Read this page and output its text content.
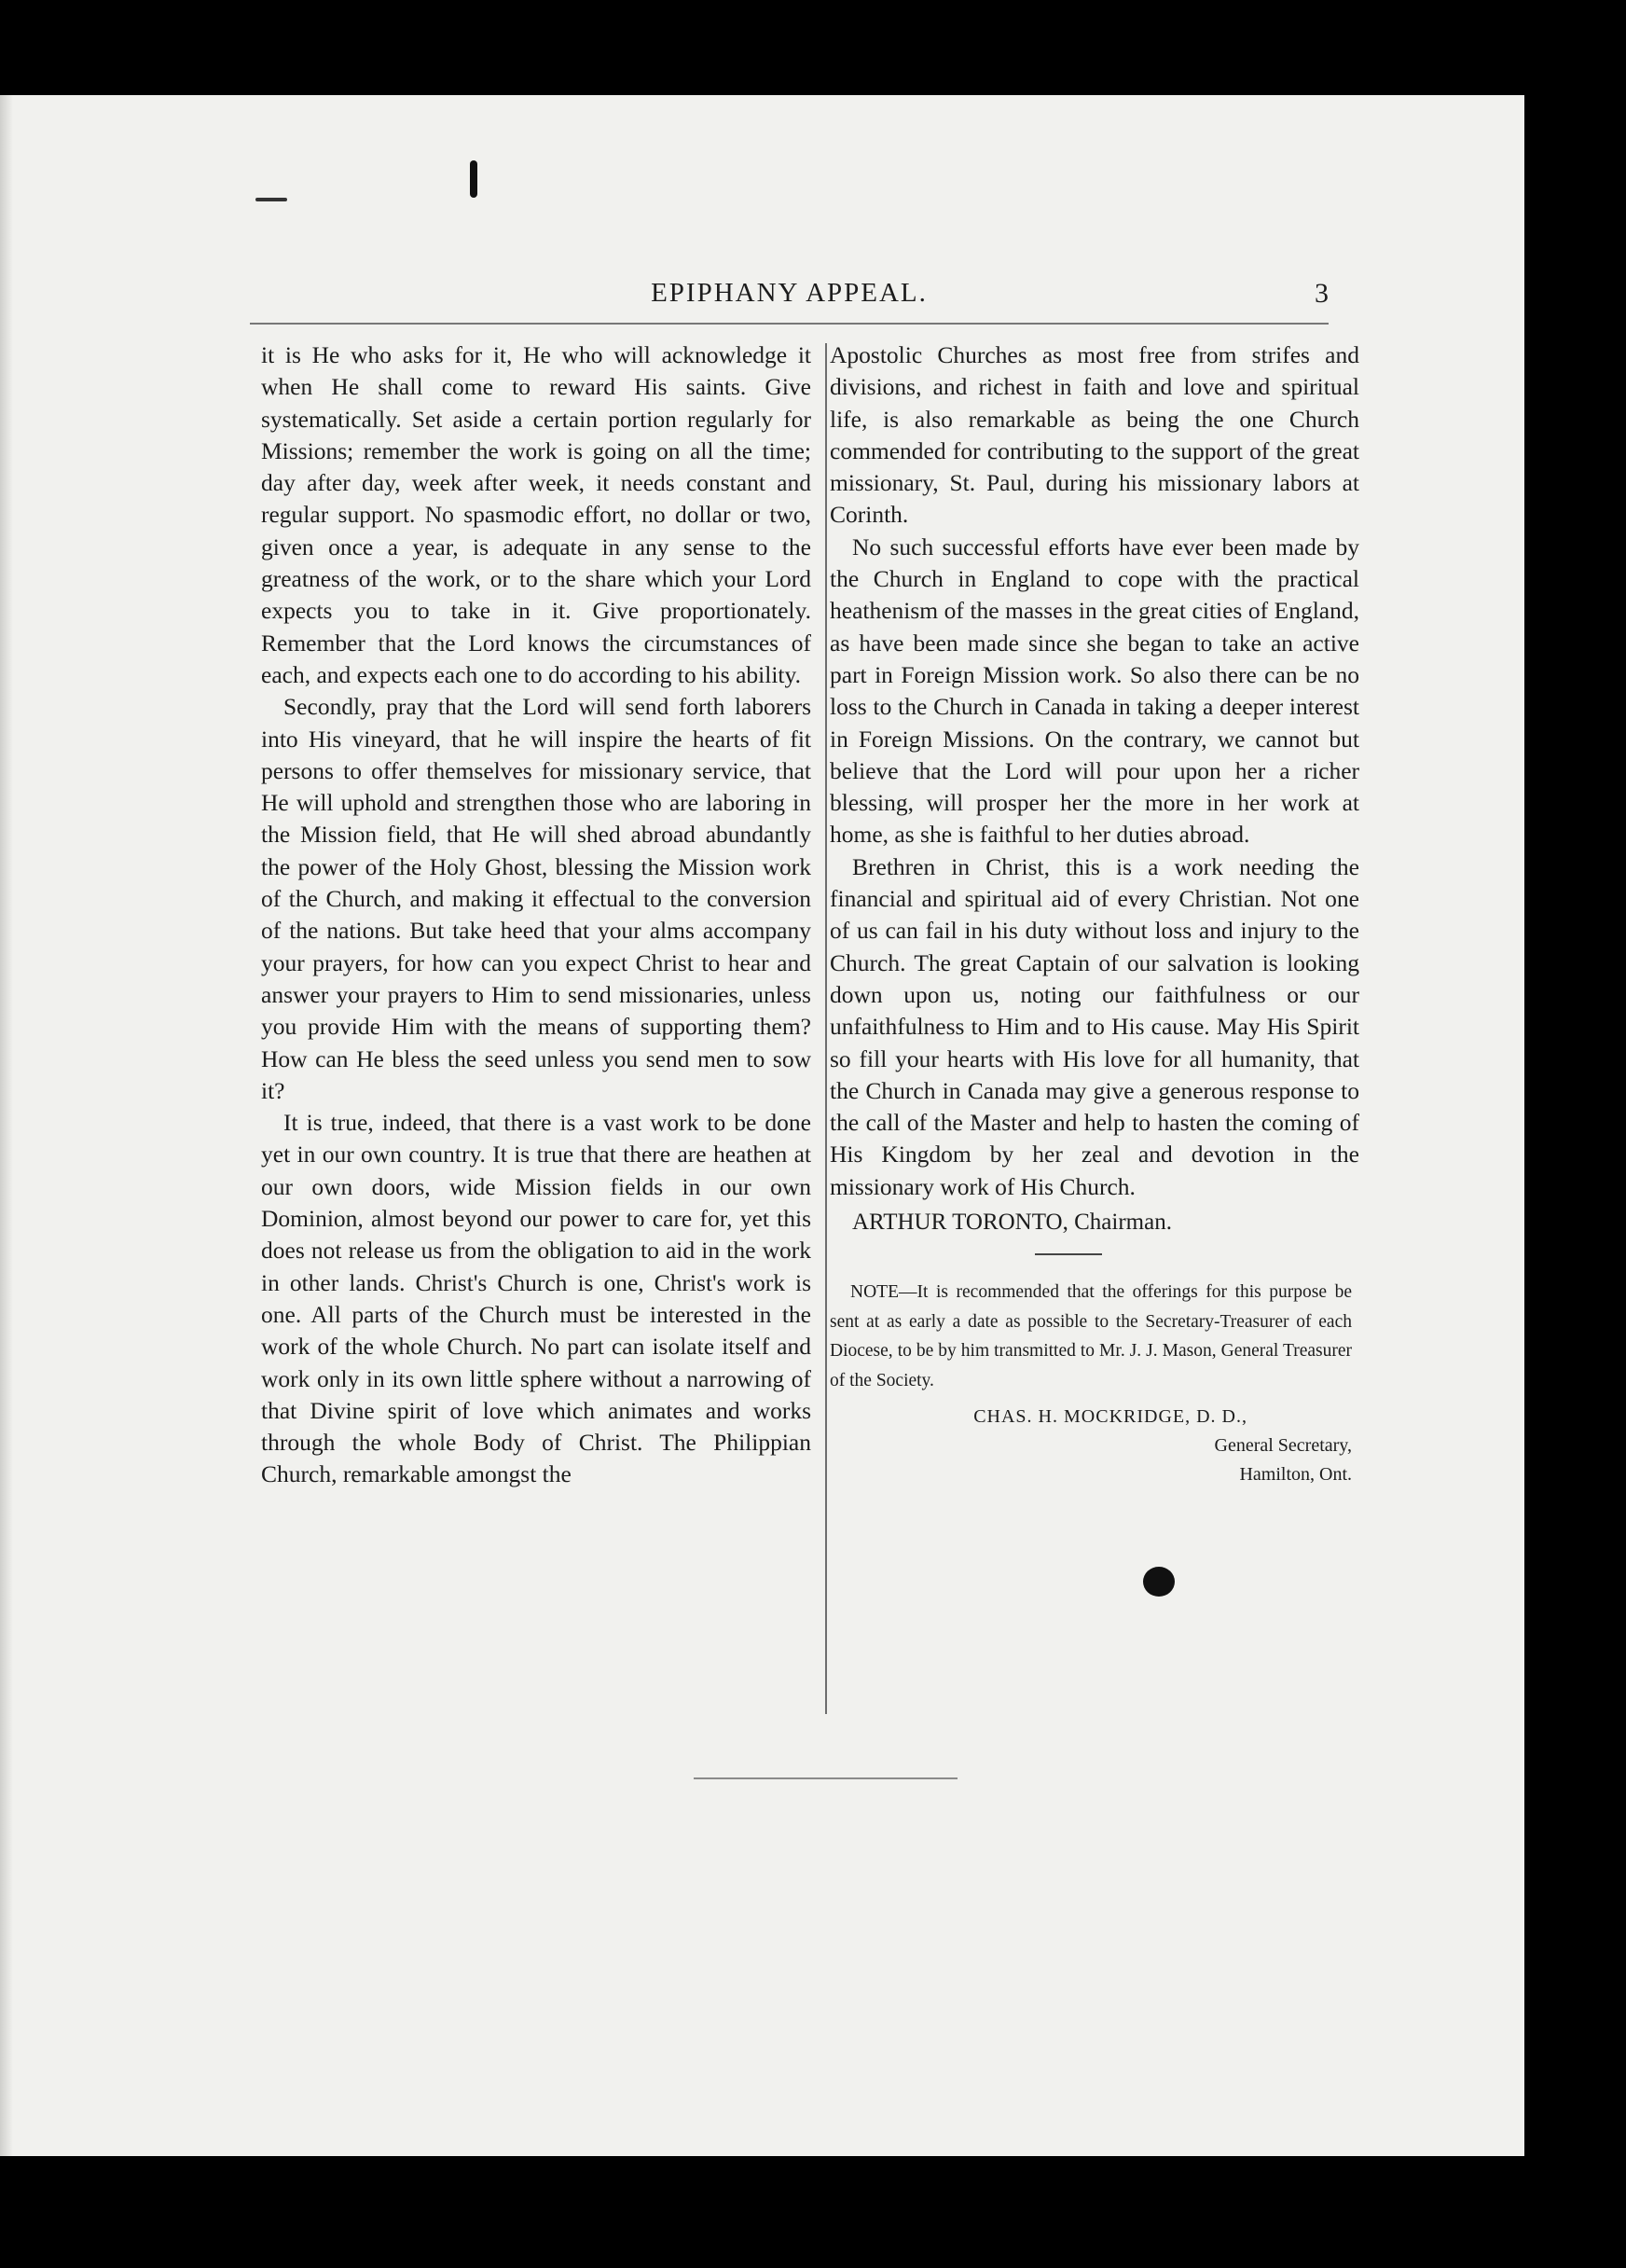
EPIPHANY APPEAL.	3

it is He who asks for it, He who will acknowledge it when He shall come to reward His saints. Give systematically. Set aside a certain portion regularly for Missions; remember the work is going on all the time; day after day, week after week, it needs constant and regular support. No spasmodic effort, no dollar or two, given once a year, is adequate in any sense to the greatness of the work, or to the share which your Lord expects you to take in it. Give proportionately. Remember that the Lord knows the circumstances of each, and expects each one to do according to his ability.

Secondly, pray that the Lord will send forth laborers into His vineyard, that he will inspire the hearts of fit persons to offer themselves for missionary service, that He will uphold and strengthen those who are laboring in the Mission field, that He will shed abroad abundantly the power of the Holy Ghost, blessing the Mission work of the Church, and making it effectual to the conversion of the nations. But take heed that your alms accompany your prayers, for how can you expect Christ to hear and answer your prayers to Him to send missionaries, unless you provide Him with the means of supporting them? How can He bless the seed unless you send men to sow it?

It is true, indeed, that there is a vast work to be done yet in our own country. It is true that there are heathen at our own doors, wide Mission fields in our own Dominion, almost beyond our power to care for, yet this does not release us from the obligation to aid in the work in other lands. Christ's Church is one, Christ's work is one. All parts of the Church must be interested in the work of the whole Church. No part can isolate itself and work only in its own little sphere without a narrowing of that Divine spirit of love which animates and works through the whole Body of Christ. The Philippian Church, remarkable amongst the

Apostolic Churches as most free from strifes and divisions, and richest in faith and love and spiritual life, is also remarkable as being the one Church commended for contributing to the support of the great missionary, St. Paul, during his missionary labors at Corinth.

No such successful efforts have ever been made by the Church in England to cope with the practical heathenism of the masses in the great cities of England, as have been made since she began to take an active part in Foreign Mission work. So also there can be no loss to the Church in Canada in taking a deeper interest in Foreign Missions. On the contrary, we cannot but believe that the Lord will pour upon her a richer blessing, will prosper her the more in her work at home, as she is faithful to her duties abroad.

Brethren in Christ, this is a work needing the financial and spiritual aid of every Christian. Not one of us can fail in his duty without loss and injury to the Church. The great Captain of our salvation is looking down upon us, noting our faithfulness or our unfaithfulness to Him and to His cause. May His Spirit so fill your hearts with His love for all humanity, that the Church in Canada may give a generous response to the call of the Master and help to hasten the coming of His Kingdom by her zeal and devotion in the missionary work of His Church.

ARTHUR TORONTO, Chairman.

NOTE—It is recommended that the offerings for this purpose be sent at as early a date as possible to the Secretary-Treasurer of each Diocese, to be by him transmitted to Mr. J. J. Mason, General Treasurer of the Society.
CHAS. H. MOCKRIDGE, D. D.,
General Secretary,
Hamilton, Ont.
